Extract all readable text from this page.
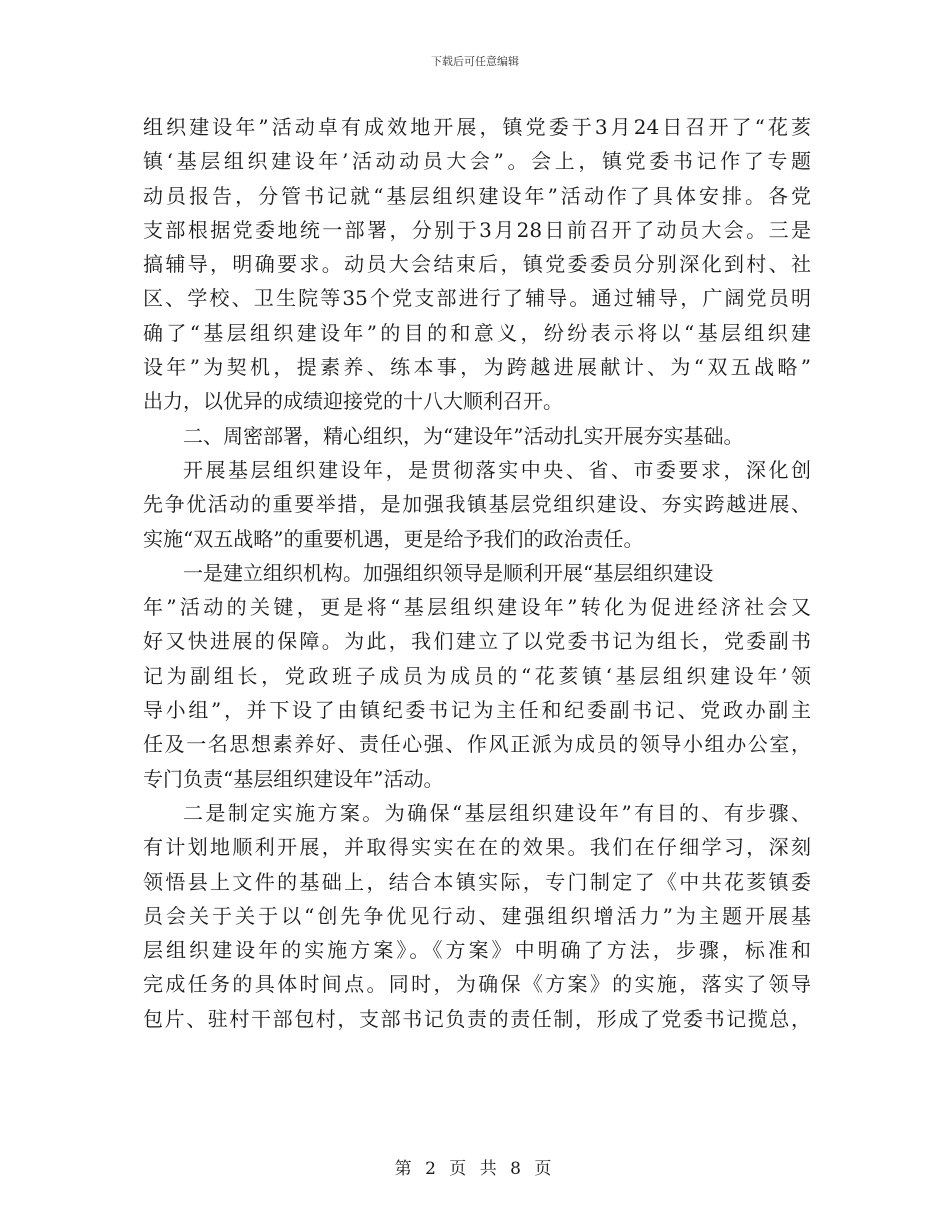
下载后可任意编辑
组织建设年”活动卓有成效地开展，镇党委于3月24日召开了“花荄
镇‘基层组织建设年’活动动员大会”。会上，镇党委书记作了专题
动员报告，分管书记就“基层组织建设年”活动作了具体安排。各党
支部根据党委地统一部署，分别于3月28日前召开了动员大会。三是
搞辅导，明确要求。动员大会结束后，镇党委委员分别深化到村、社
区、学校、卫生院等35个党支部进行了辅导。通过辅导，广阔党员明
确了“基层组织建设年”的目的和意义，纷纷表示将以“基层组织建
设年”为契机，提素养、练本事，为跨越进展献计、为“双五战略”
出力，以优异的成绩迎接党的十八大顺利召开。
二、周密部署，精心组织，为“建设年”活动扎实开展夯实基础。
开展基层组织建设年，是贯彻落实中央、省、市委要求，深化创
先争优活动的重要举措，是加强我镇基层党组织建设、夯实跨越进展、
实施“双五战略”的重要机遇，更是给予我们的政治责任。
一是建立组织机构。加强组织领导是顺利开展“基层组织建设
年”活动的关键，更是将“基层组织建设年”转化为促进经济社会又
好又快进展的保障。为此，我们建立了以党委书记为组长，党委副书
记为副组长，党政班子成员为成员的“花荄镇‘基层组织建设年’领
导小组”，并下设了由镇纪委书记为主任和纪委副书记、党政办副主
任及一名思想素养好、责任心强、作风正派为成员的领导小组办公室，
专门负责“基层组织建设年”活动。
二是制定实施方案。为确保“基层组织建设年”有目的、有步骤、
有计划地顺利开展，并取得实实在在的效果。我们在仔细学习，深刻
领悟县上文件的基础上，结合本镇实际，专门制定了《中共花荄镇委
员会关于关于以“创先争优见行动、建强组织增活力”为主题开展基
层组织建设年的实施方案》。《方案》中明确了方法，步骤，标准和
完成任务的具体时间点。同时，为确保《方案》的实施，落实了领导
包片、驻村干部包村，支部书记负责的责任制，形成了党委书记揽总，
第 2 页 共 8 页
